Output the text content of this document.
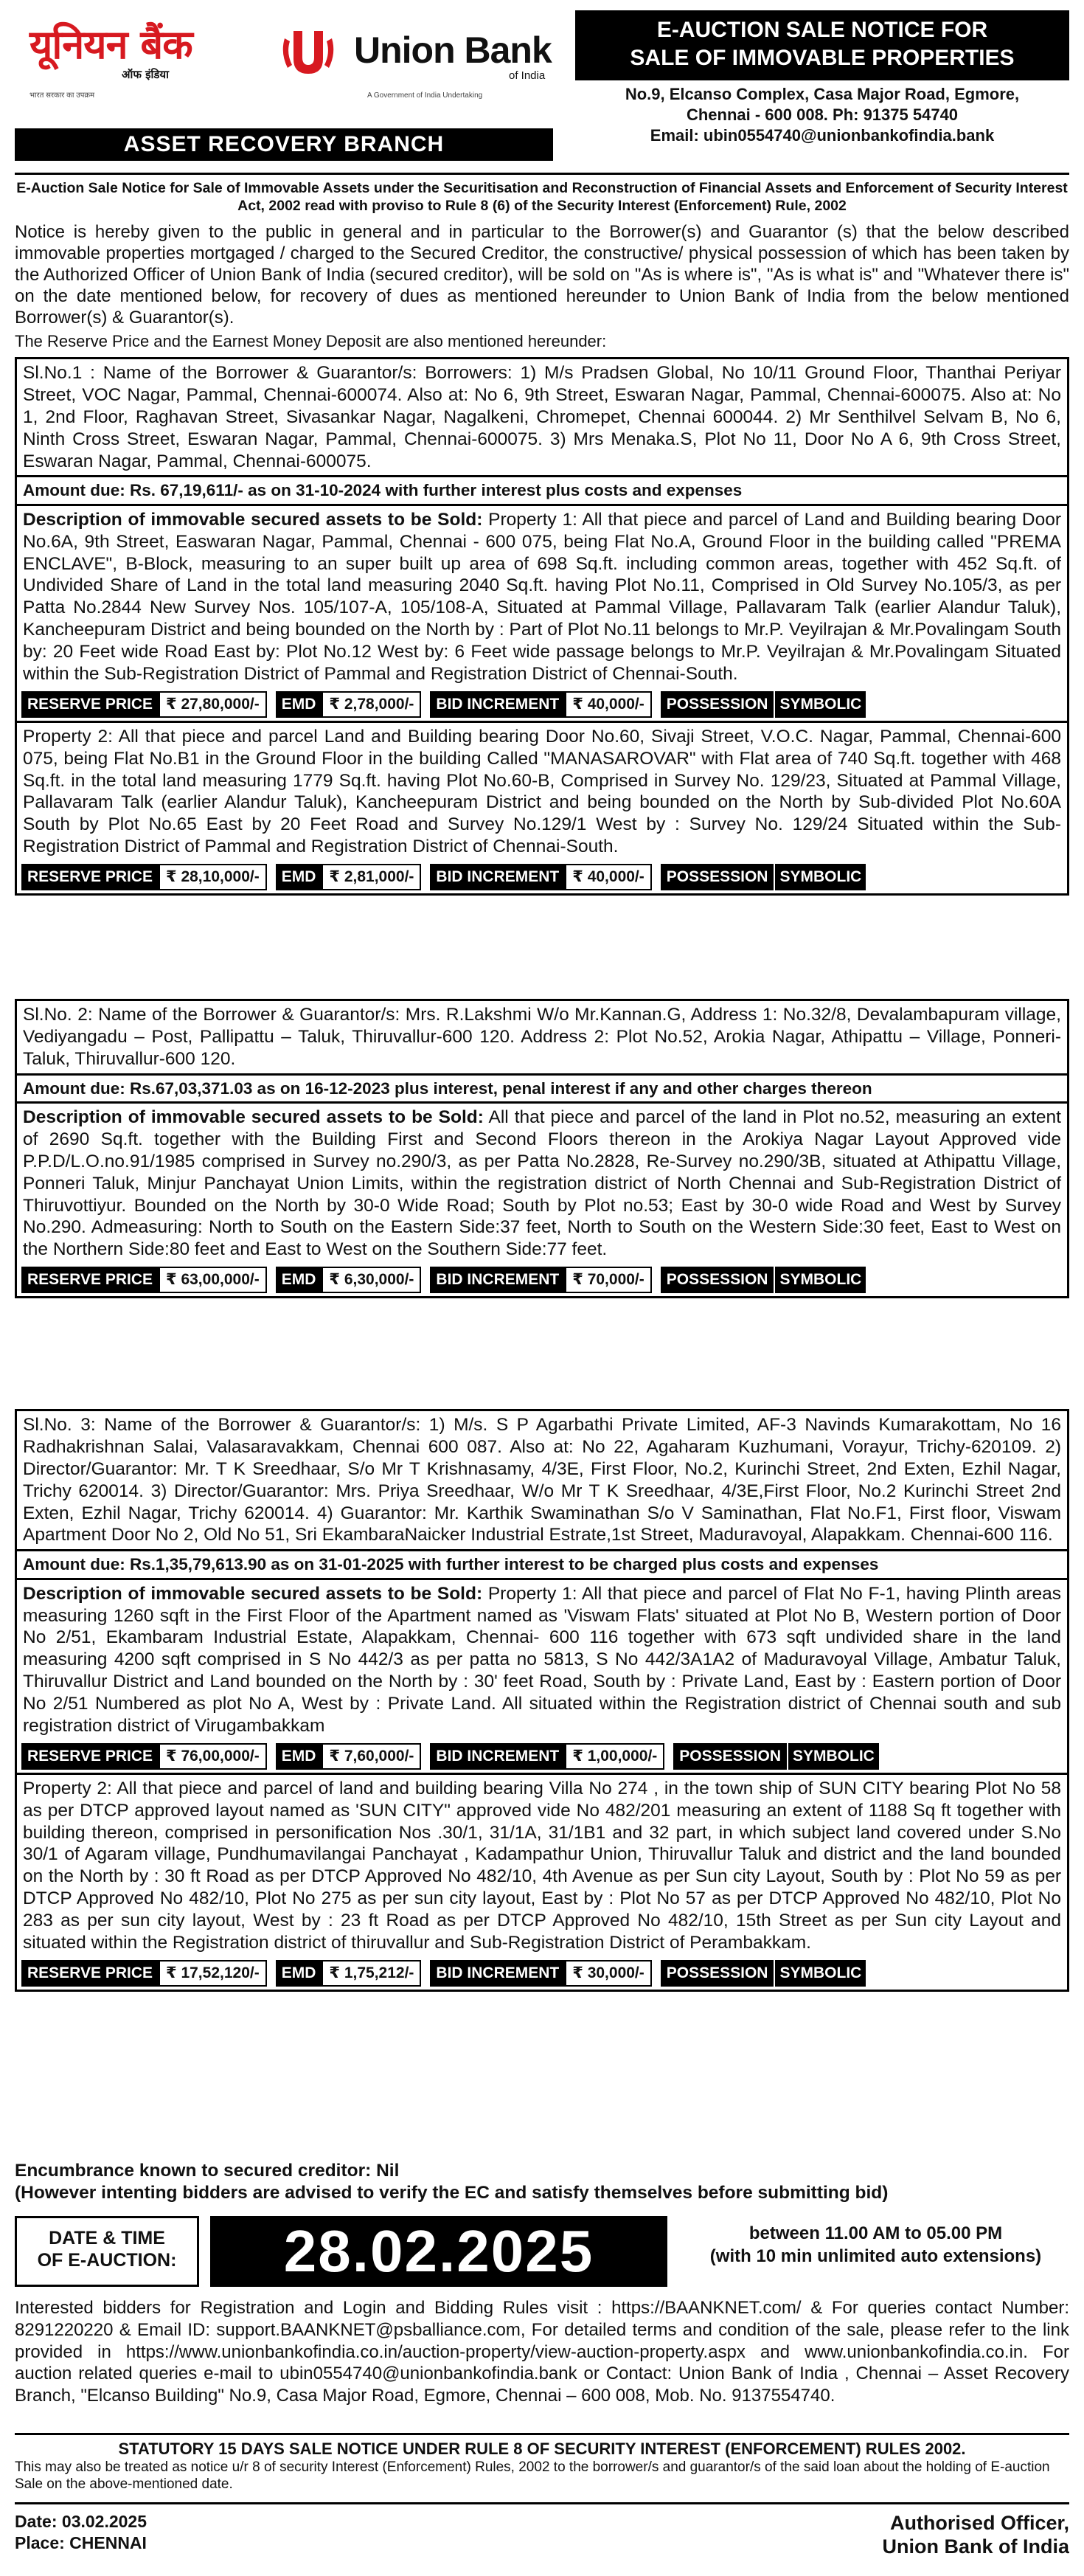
यूनियन बैंक
ऑफ इंडिया
भारत सरकार का उपक्रम
Union Bank
of India
A Government of India Undertaking
ASSET RECOVERY BRANCH
E-AUCTION SALE NOTICE FOR
SALE OF IMMOVABLE PROPERTIES
No.9, Elcanso Complex, Casa Major Road, Egmore,
Chennai - 600 008. Ph: 91375 54740
Email: ubin0554740@unionbankofindia.bank
E-Auction Sale Notice for Sale of Immovable Assets under the Securitisation and Reconstruction of Financial Assets and Enforcement of Security Interest Act, 2002 read with proviso to Rule 8 (6) of the Security Interest (Enforcement) Rule, 2002
Notice is hereby given to the public in general and in particular to the Borrower(s) and Guarantor (s) that the below described immovable properties mortgaged / charged to the Secured Creditor, the constructive/ physical possession of which has been taken by the Authorized Officer of Union Bank of India (secured creditor), will be sold on "As is where is", "As is what is" and "Whatever there is" on the date mentioned below, for recovery of dues as mentioned hereunder to Union Bank of India from the below mentioned Borrower(s) & Guarantor(s).
The Reserve Price and the Earnest Money Deposit are also mentioned hereunder:
Sl.No.1 : Name of the Borrower & Guarantor/s: Borrowers: 1) M/s Pradsen Global, No 10/11 Ground Floor, Thanthai Periyar Street, VOC Nagar, Pammal, Chennai-600074. Also at: No 6, 9th Street, Eswaran Nagar, Pammal, Chennai-600075. Also at: No 1, 2nd Floor, Raghavan Street, Sivasankar Nagar, Nagalkeni, Chromepet, Chennai 600044. 2) Mr Senthilvel Selvam B, No 6, Ninth Cross Street, Eswaran Nagar, Pammal, Chennai-600075. 3) Mrs Menaka.S, Plot No 11, Door No A 6, 9th Cross Street, Eswaran Nagar, Pammal, Chennai-600075.
Amount due: Rs. 67,19,611/- as on 31-10-2024 with further interest plus costs and expenses
Description of immovable secured assets to be Sold: Property 1: All that piece and parcel of Land and Building bearing Door No.6A, 9th Street, Easwaran Nagar, Pammal, Chennai - 600 075, being Flat No.A, Ground Floor in the building called "PREMA ENCLAVE", B-Block, measuring to an super built up area of 698 Sq.ft. including common areas, together with 452 Sq.ft. of Undivided Share of Land in the total land measuring 2040 Sq.ft. having Plot No.11, Comprised in Old Survey No.105/3, as per Patta No.2844 New Survey Nos. 105/107-A, 105/108-A, Situated at Pammal Village, Pallavaram Talk (earlier Alandur Taluk), Kancheepuram District and being bounded on the North by : Part of Plot No.11 belongs to Mr.P. Veyilrajan & Mr.Povalingam South by: 20 Feet wide Road East by: Plot No.12 West by: 6 Feet wide passage belongs to Mr.P. Veyilrajan & Mr.Povalingam Situated within the Sub-Registration District of Pammal and Registration District of Chennai-South.
RESERVE PRICE ₹ 27,80,000/-	EMD ₹ 2,78,000/-	BID INCREMENT ₹ 40,000/-	POSSESSION SYMBOLIC
Property 2: All that piece and parcel Land and Building bearing Door No.60, Sivaji Street, V.O.C. Nagar, Pammal, Chennai-600 075, being Flat No.B1 in the Ground Floor in the building Called "MANASAROVAR" with Flat area of 740 Sq.ft. together with 468 Sq.ft. in the total land measuring 1779 Sq.ft. having Plot No.60-B, Comprised in Survey No. 129/23, Situated at Pammal Village, Pallavaram Talk (earlier Alandur Taluk), Kancheepuram District and being bounded on the North by Sub-divided Plot No.60A South by Plot No.65 East by 20 Feet Road and Survey No.129/1 West by : Survey No. 129/24 Situated within the Sub-Registration District of Pammal and Registration District of Chennai-South.
RESERVE PRICE ₹ 28,10,000/-	EMD ₹ 2,81,000/-	BID INCREMENT ₹ 40,000/-	POSSESSION SYMBOLIC
Sl.No. 2: Name of the Borrower & Guarantor/s: Mrs. R.Lakshmi W/o Mr.Kannan.G, Address 1: No.32/8, Devalambapuram village, Vediyangadu – Post, Pallipattu – Taluk, Thiruvallur-600 120. Address 2: Plot No.52, Arokia Nagar, Athipattu – Village, Ponneri-Taluk, Thiruvallur-600 120.
Amount due: Rs.67,03,371.03 as on 16-12-2023 plus interest, penal interest if any and other charges thereon
Description of immovable secured assets to be Sold: All that piece and parcel of the land in Plot no.52, measuring an extent of 2690 Sq.ft. together with the Building First and Second Floors thereon in the Arokiya Nagar Layout Approved vide P.P.D/L.O.no.91/1985 comprised in Survey no.290/3, as per Patta No.2828, Re-Survey no.290/3B, situated at Athipattu Village, Ponneri Taluk, Minjur Panchayat Union Limits, within the registration district of North Chennai and Sub-Registration District of Thiruvottiyur. Bounded on the North by 30-0 Wide Road; South by Plot no.53; East by 30-0 wide Road and West by Survey No.290. Admeasuring: North to South on the Eastern Side:37 feet, North to South on the Western Side:30 feet, East to West on the Northern Side:80 feet and East to West on the Southern Side:77 feet.
RESERVE PRICE ₹ 63,00,000/-	EMD ₹ 6,30,000/-	BID INCREMENT ₹ 70,000/-	POSSESSION SYMBOLIC
Sl.No. 3: Name of the Borrower & Guarantor/s: 1) M/s. S P Agarbathi Private Limited, AF-3 Navinds Kumarakottam, No 16 Radhakrishnan Salai, Valasaravakkam, Chennai 600 087. Also at: No 22, Agaharam Kuzhumani, Vorayur, Trichy-620109. 2) Director/Guarantor: Mr. T K Sreedhaar, S/o Mr T Krishnasamy, 4/3E, First Floor, No.2, Kurinchi Street, 2nd Exten, Ezhil Nagar, Trichy 620014. 3) Director/Guarantor: Mrs. Priya Sreedhaar, W/o Mr T K Sreedhaar, 4/3E,First Floor, No.2 Kurinchi Street 2nd Exten, Ezhil Nagar, Trichy 620014. 4) Guarantor: Mr. Karthik Swaminathan S/o V Saminathan, Flat No.F1, First floor, Viswam Apartment Door No 2, Old No 51, Sri EkambaraNaicker Industrial Estrate,1st Street, Maduravoyal, Alapakkam. Chennai-600 116.
Amount due: Rs.1,35,79,613.90 as on 31-01-2025 with further interest to be charged plus costs and expenses
Description of immovable secured assets to be Sold: Property 1: All that piece and parcel of Flat No F-1, having Plinth areas measuring 1260 sqft in the First Floor of the Apartment named as 'Viswam Flats' situated at Plot No B, Western portion of Door No 2/51, Ekambaram Industrial Estate, Alapakkam, Chennai- 600 116 together with 673 sqft undivided share in the land measuring 4200 sqft comprised in S No 442/3 as per patta no 5813, S No 442/3A1A2 of Maduravoyal Village, Ambatur Taluk, Thiruvallur District and Land bounded on the North by : 30' feet Road, South by : Private Land, East by : Eastern portion of Door No 2/51 Numbered as plot No A, West by : Private Land. All situated within the Registration district of Chennai south and sub registration district of Virugambakkam
RESERVE PRICE ₹ 76,00,000/-	EMD ₹ 7,60,000/-	BID INCREMENT ₹ 1,00,000/-	POSSESSION SYMBOLIC
Property 2: All that piece and parcel of land and building bearing Villa No 274 , in the town ship of SUN CITY bearing Plot No 58 as per DTCP approved layout named as 'SUN CITY" approved vide No 482/201 measuring an extent of 1188 Sq ft together with building thereon, comprised in personification Nos .30/1, 31/1A, 31/1B1 and 32 part, in which subject land covered under S.No 30/1 of Agaram village, Pundhumavilangai Panchayat , Kadampathur Union, Thiruvallur Taluk and district and the land bounded on the North by : 30 ft Road as per DTCP Approved No 482/10, 4th Avenue as per Sun city Layout, South by : Plot No 59 as per DTCP Approved No 482/10, Plot No 275 as per sun city layout, East by : Plot No 57 as per DTCP Approved No 482/10, Plot No 283 as per sun city layout, West by : 23 ft Road as per DTCP Approved No 482/10, 15th Street as per Sun city Layout and situated within the Registration district of thiruvallur and Sub-Registration District of Perambakkam.
RESERVE PRICE ₹ 17,52,120/-	EMD ₹ 1,75,212/-	BID INCREMENT ₹ 30,000/-	POSSESSION SYMBOLIC
Encumbrance known to secured creditor: Nil
(However intenting bidders are advised to verify the EC and satisfy themselves before submitting bid)
DATE & TIME
OF E-AUCTION:	28.02.2025	between 11.00 AM to 05.00 PM
(with 10 min unlimited auto extensions)
Interested bidders for Registration and Login and Bidding Rules visit : https://BAANKNET.com/ & For queries contact Number: 8291220220 & Email ID: support.BAANKNET@psballiance.com, For detailed terms and condition of the sale, please refer to the link provided in https://www.unionbankofindia.co.in/auction-property/view-auction-property.aspx and www.unionbankofindia.co.in. For auction related queries e-mail to ubin0554740@unionbankofindia.bank or Contact: Union Bank of India , Chennai – Asset Recovery Branch, "Elcanso Building" No.9, Casa Major Road, Egmore, Chennai – 600 008, Mob. No. 9137554740.
STATUTORY 15 DAYS SALE NOTICE UNDER RULE 8 OF SECURITY INTEREST (ENFORCEMENT) RULES 2002.
This may also be treated as notice u/r 8 of security Interest (Enforcement) Rules, 2002 to the borrower/s and guarantor/s of the said loan about the holding of E-auction Sale on the above-mentioned date.
Date: 03.02.2025
Place: CHENNAI
Authorised Officer,
Union Bank of India
